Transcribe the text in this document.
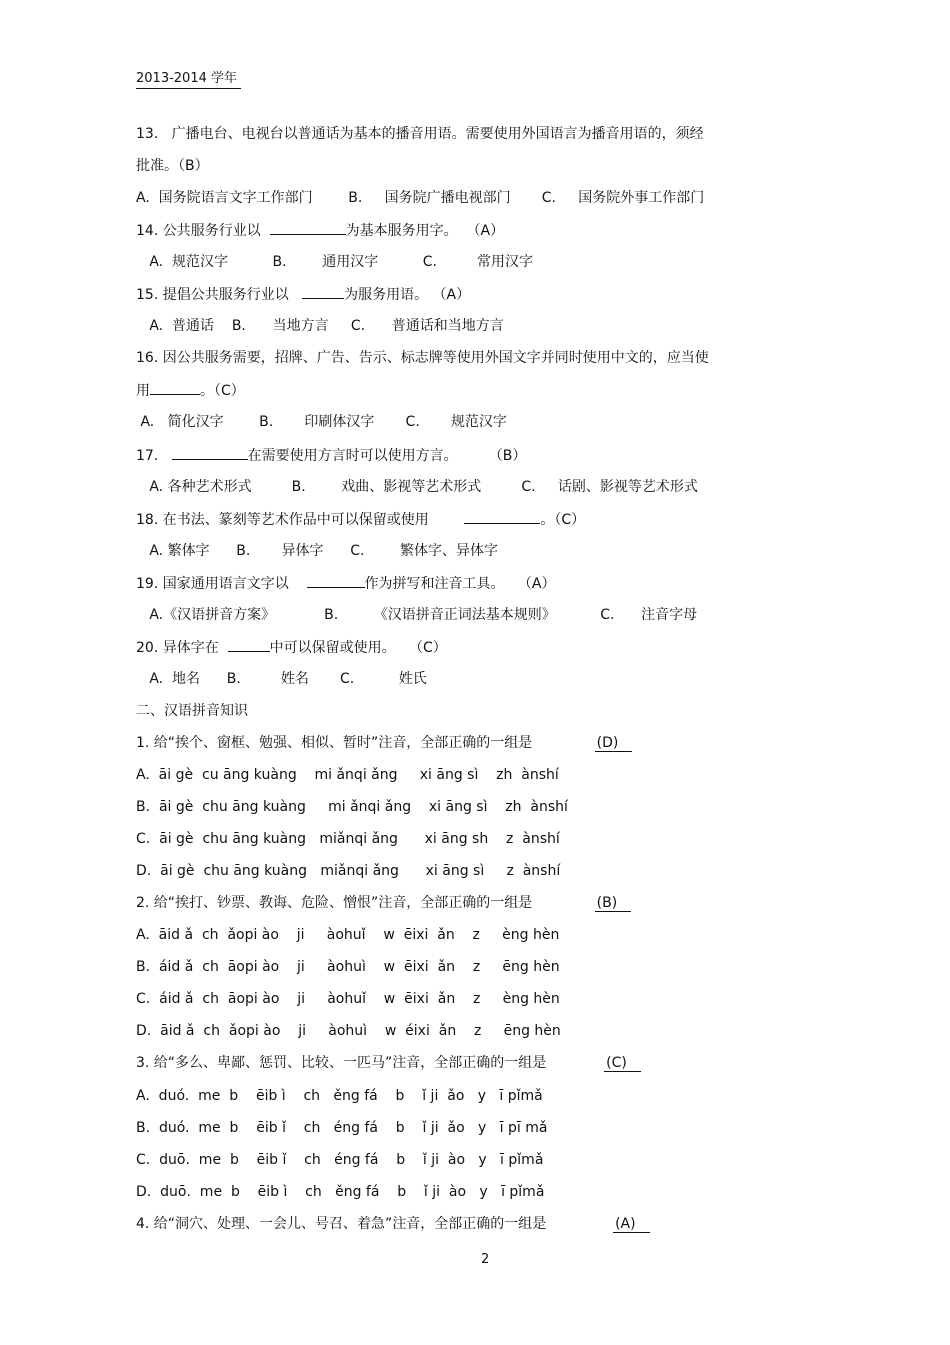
2013-2014 学年
13.   广播电台、电视台以普通话为基本的播音用语。需要使用外国语言为播音用语的，须经
批准。（B）
A.  国务院语言文字工作部门        B.     国务院广播电视部门       C.     国务院外事工作部门
14. 公共服务行业以	为基本服务用字。  （A）
A.  规范汉字          B.        通用汉字          C.         常用汉字
15. 提倡公共服务行业以	为服务用语。 （A）
A.  普通话    B.      当地方言     C.      普通话和当地方言
16. 因公共服务需要，招牌、广告、告示、标志牌等使用外国文字并同时使用中文的，应当使
用	。（C）
A.   简化汉字        B.       印刷体汉字       C.       规范汉字
17.	在需要使用方言时可以使用方言。       （B）
A. 各种艺术形式         B.        戏曲、影视等艺术形式         C.     话剧、影视等艺术形式
18. 在书法、篆刻等艺术作品中可以保留或使用	。（C）
A. 繁体字      B.       异体字      C.        繁体字、异体字
19. 国家通用语言文字以	作为拼写和注音工具。   （A）
A.《汉语拼音方案》           B.        《汉语拼音正词法基本规则》          C.      注音字母
20. 异体字在	中可以保留或使用。   （C）
A.  地名      B.         姓名       C.          姓氏
二、汉语拼音知识
1. 给“挨个、窗框、勉强、相似、暂时”注音，全部正确的一组是              (D)
A.  āi gè  cu āng kuàng    mi ǎnqi ǎng     xi āng sì    zh  ànshí
B.  āi gè  chu āng kuàng     mi ǎnqi ǎng    xi āng sì    zh  ànshí
C.  āi gè  chu āng kuàng   miǎnqi ǎng      xi āng sh    z  ànshí
D.  āi gè  chu āng kuàng   miǎnqi ǎng      xi āng sì     z  ànshí
2. 给“挨打、钞票、教诲、危险、憎恨”注音，全部正确的一组是              (B)
A.  āid ǎ  ch  ǎopi ào    ji     àohuǐ    w  ēixi  ǎn    z     èng hèn
B.  áid ǎ  ch  āopi ào    ji     àohuì    w  ēixi  ǎn    z     ēng hèn
C.  áid ǎ  ch  āopi ào    ji     àohuǐ    w  ēixi  ǎn    z     èng hèn
D.  āid ǎ  ch  ǎopi ào    ji     àohuì    w  éixi  ǎn    z     ēng hèn
3. 给“多么、卑鄙、惩罚、比较、一匹马”注音，全部正确的一组是             (C)
A.  duó.  me  b    ēib ì    ch   ěng fá    b    ǐ ji  ǎo   y   ī pǐmǎ
B.  duó.  me  b    ēib ǐ    ch   éng fá    b    ǐ ji  ǎo   y   ī pī mǎ
C.  duō.  me  b    ēib ǐ    ch   éng fá    b    ǐ ji  ào   y   ī pǐmǎ
D.  duō.  me  b    ēib ì    ch   ěng fá    b    ǐ ji  ào   y   ī pǐmǎ
4. 给“洞穴、处理、一会儿、号召、着急”注音，全部正确的一组是               (A)
2
